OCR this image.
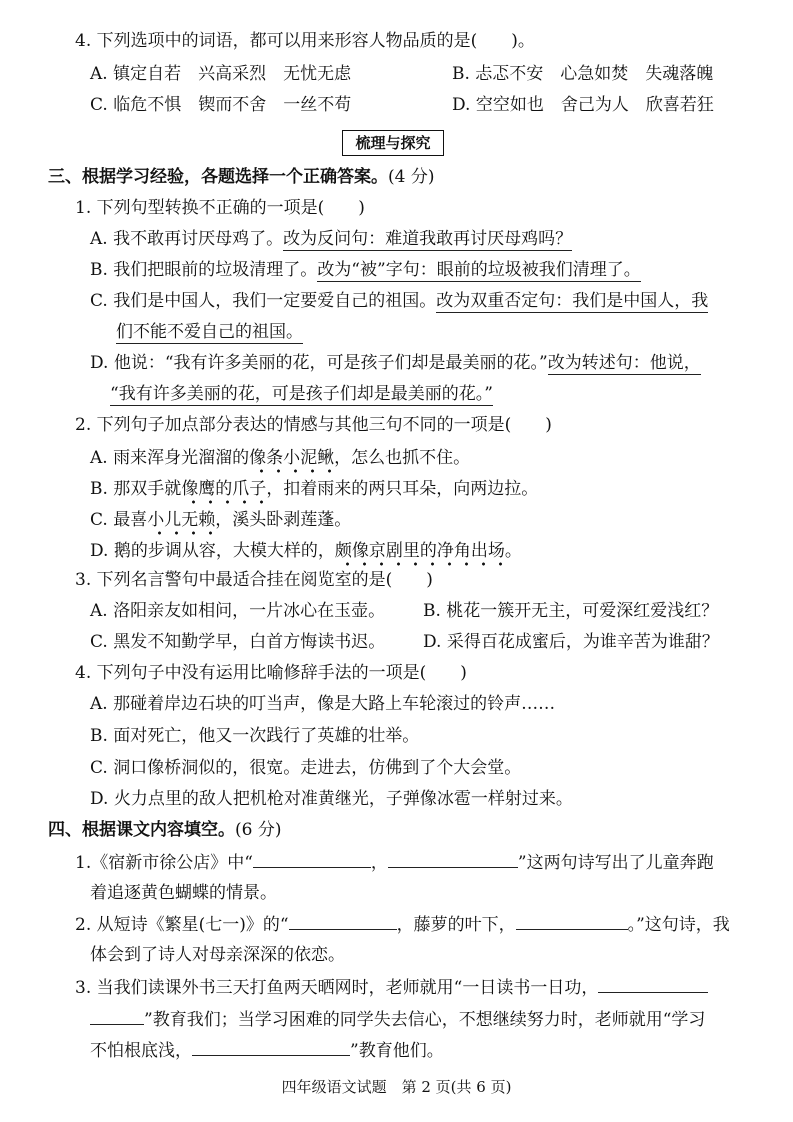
4. 下列选项中的词语，都可以用来形容人物品质的是(　　)。
A. 镇定自若　兴高采烈　无忧无虑	B. 忐忑不安　心急如焚　失魂落魄
C. 临危不惧　锲而不舍　一丝不苟	D. 空空如也　舍己为人　欣喜若狂
梳理与探究
三、根据学习经验，各题选择一个正确答案。(4 分)
1. 下列句型转换不正确的一项是(　　)
A. 我不敢再讨厌母鸡了。改为反问句：难道我敢再讨厌母鸡吗？
B. 我们把眼前的垃圾清理了。改为“被”字句：眼前的垃圾被我们清理了。
C. 我们是中国人，我们一定要爱自己的祖国。改为双重否定句：我们是中国人，我
们不能不爱自己的祖国。
D. 他说：“我有许多美丽的花，可是孩子们却是最美丽的花。”改为转述句：他说，
“我有许多美丽的花，可是孩子们却是最美丽的花。”
2. 下列句子加点部分表达的情感与其他三句不同的一项是(　　)
A. 雨来浑身光溜溜的像条小泥鳅，怎么也抓不住。
B. 那双手就像鹰的爪子，扣着雨来的两只耳朵，向两边拉。
C. 最喜小儿无赖，溪头卧剥莲蓬。
D. 鹅的步调从容，大模大样的，颇像京剧里的净角出场。
3. 下列名言警句中最适合挂在阅览室的是(　　)
A. 洛阳亲友如相问，一片冰心在玉壶。 B. 桃花一簇开无主，可爱深红爱浅红？
C. 黑发不知勤学早，白首方悔读书迟。 D. 采得百花成蜜后，为谁辛苦为谁甜？
4. 下列句子中没有运用比喻修辞手法的一项是(　　)
A. 那碰着岸边石块的叮当声，像是大路上车轮滚过的铃声……
B. 面对死亡，他又一次践行了英雄的壮举。
C. 洞口像桥洞似的，很宽。走进去，仿佛到了个大会堂。
D. 火力点里的敌人把机枪对准黄继光，子弹像冰雹一样射过来。
四、根据课文内容填空。(6 分)
1.《宿新市徐公店》中“	，	”这两句诗写出了儿童奔跑
着追逐黄色蝴蝶的情景。
2. 从短诗《繁星(七一)》的“	，藤萝的叶下，	。”这句诗，我
体会到了诗人对母亲深深的依恋。
3. 当我们读课外书三天打鱼两天晒网时，老师就用“一日读书一日功，
”教育我们；当学习困难的同学失去信心，不想继续努力时，老师就用“学习
不怕根底浅，	”教育他们。
四年级语文试题　第 2 页(共 6 页)
